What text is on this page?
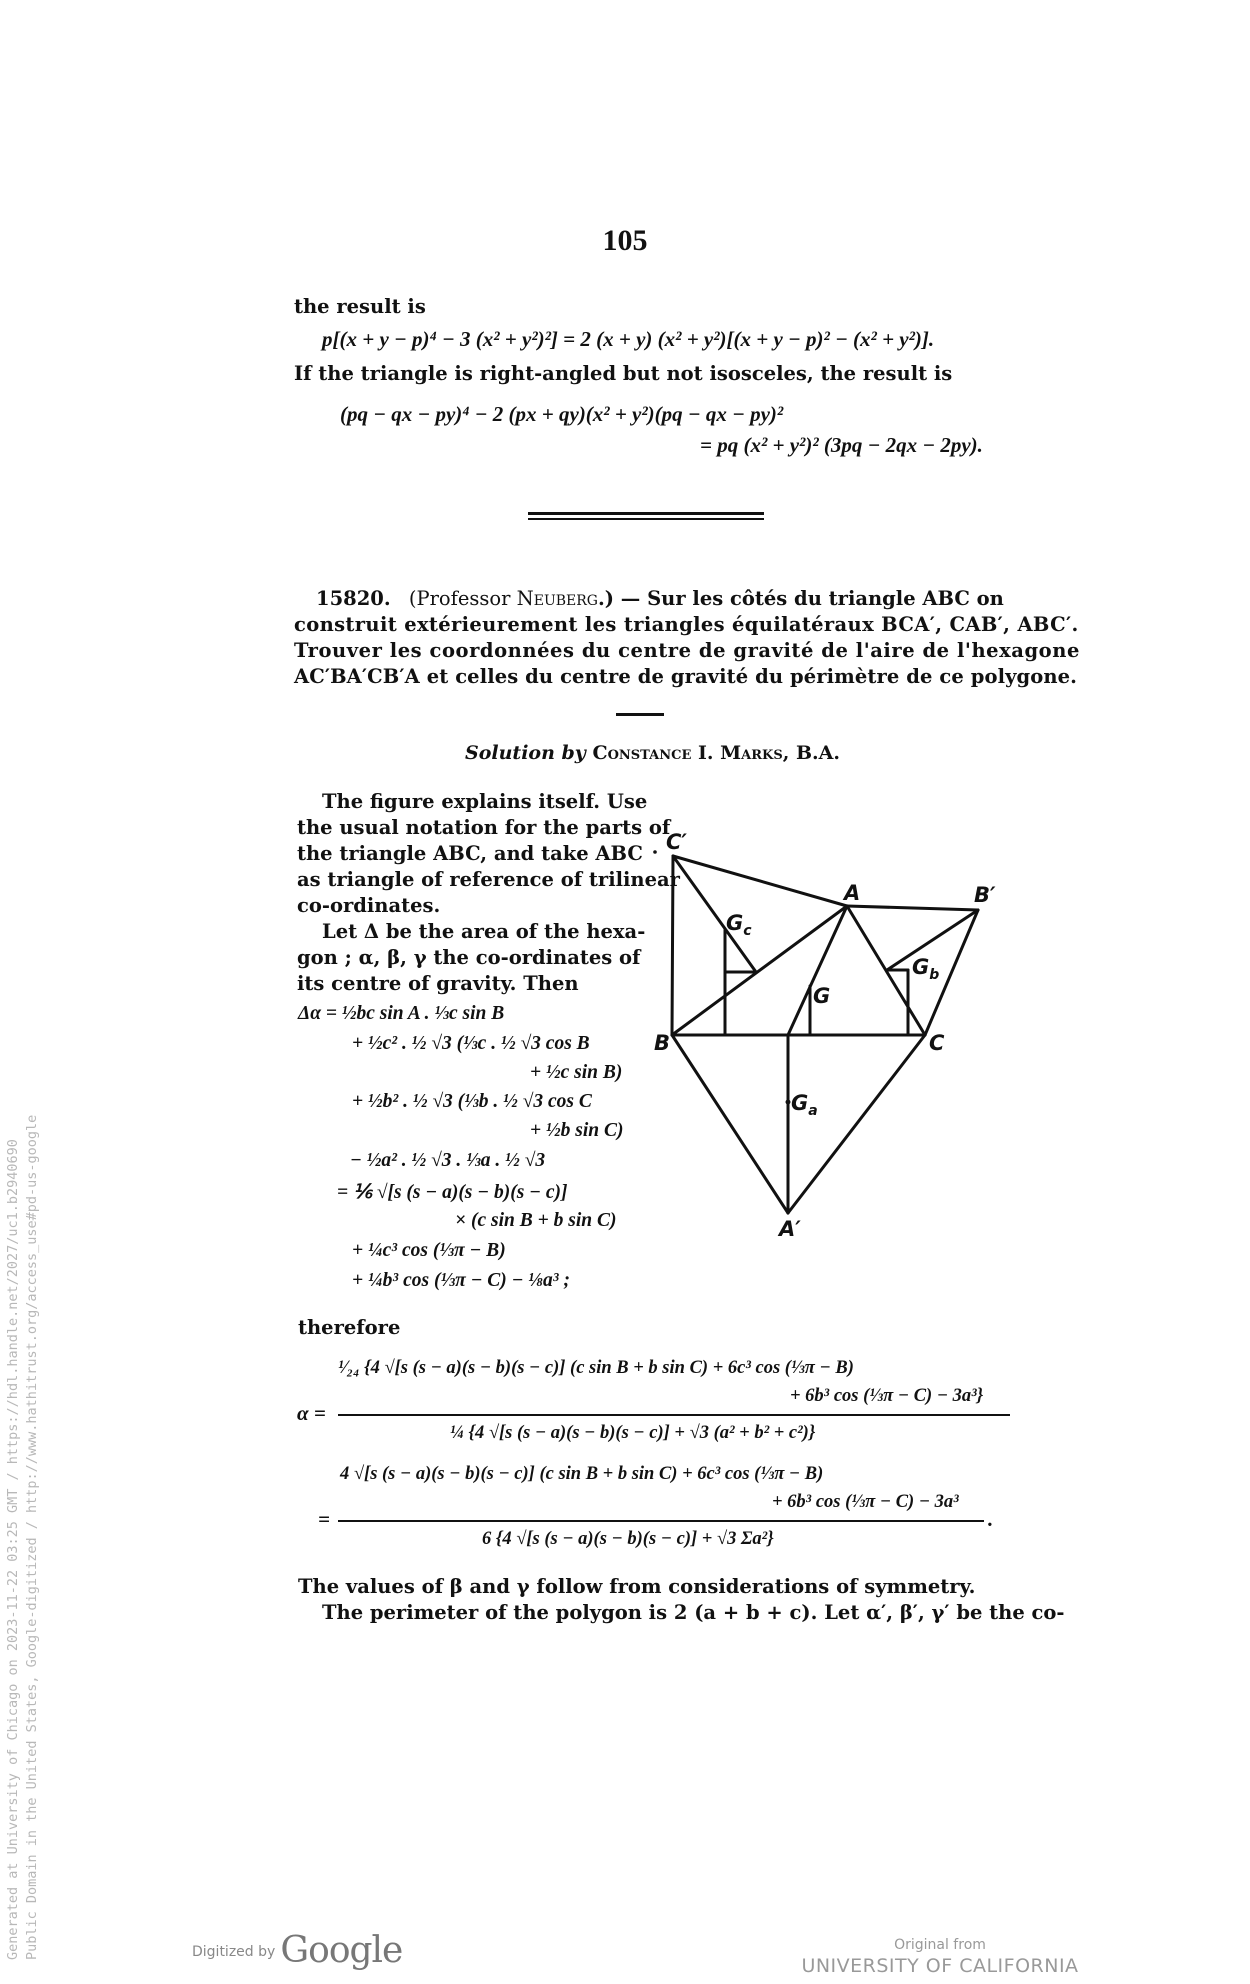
105
the result is
p[(x + y − p)⁴ − 3 (x² + y²)²] = 2 (x + y) (x² + y²)[(x + y − p)² − (x² + y²)].
If the triangle is right-angled but not isosceles, the result is
(pq − qx − py)⁴ − 2 (px + qy)(x² + y²)(pq − qx − py)²
= pq (x² + y²)² (3pq − 2qx − 2py).
15820. (Professor Neuberg.) — Sur les côtés du triangle ABC on
construit extérieurement les triangles équilatéraux BCA′, CAB′, ABC′.
Trouver les coordonnées du centre de gravité de l'aire de l'hexagone
AC′BA′CB′A et celles du centre de gravité du périmètre de ce polygone.
Solution by Constance I. Marks, B.A.
The figure explains itself. Use
the usual notation for the parts of
the triangle ABC, and take ABC
as triangle of reference of trilinear
co-ordinates.
Let Δ be the area of the hexa-
gon ; α, β, γ the co-ordinates of
its centre of gravity. Then
Δα = ½bc sin A . ⅓c sin B
+ ½c² . ½ √3 (⅓c . ½ √3 cos B
+ ½c sin B)
+ ½b² . ½ √3 (⅓b . ½ √3 cos C
+ ½b sin C)
− ½a² . ½ √3 . ⅓a . ½ √3
= ⅙ √[s (s − a)(s − b)(s − c)]
× (c sin B + b sin C)
+ ¼c³ cos (⅓π − B)
+ ¼b³ cos (⅓π − C) − ⅛a³ ;
therefore
α =
¹⁄₂₄ {4 √[s (s − a)(s − b)(s − c)] (c sin B + b sin C) + 6c³ cos (⅓π − B)
+ 6b³ cos (⅓π − C) − 3a³}
¼ {4 √[s (s − a)(s − b)(s − c)] + √3 (a² + b² + c²)}
=
4 √[s (s − a)(s − b)(s − c)] (c sin B + b sin C) + 6c³ cos (⅓π − B)
+ 6b³ cos (⅓π − C) − 3a³
.
6 {4 √[s (s − a)(s − b)(s − c)] + √3 Σa²}
The values of β and γ follow from considerations of symmetry.
The perimeter of the polygon is 2 (a + b + c). Let α′, β′, γ′ be the co-
C′
A	B′
B	C
A′
G
$G_c$
$G_b$
$G_a$
Generated at University of Chicago on 2023-11-22 03:25 GMT / https://hdl.handle.net/2027/uc1.b2940690 Public Domain in the United States, Google-digitized / http://www.hathitrust.org/access_use#pd-us-google	Digitized by Google	Original from
UNIVERSITY OF CALIFORNIA
